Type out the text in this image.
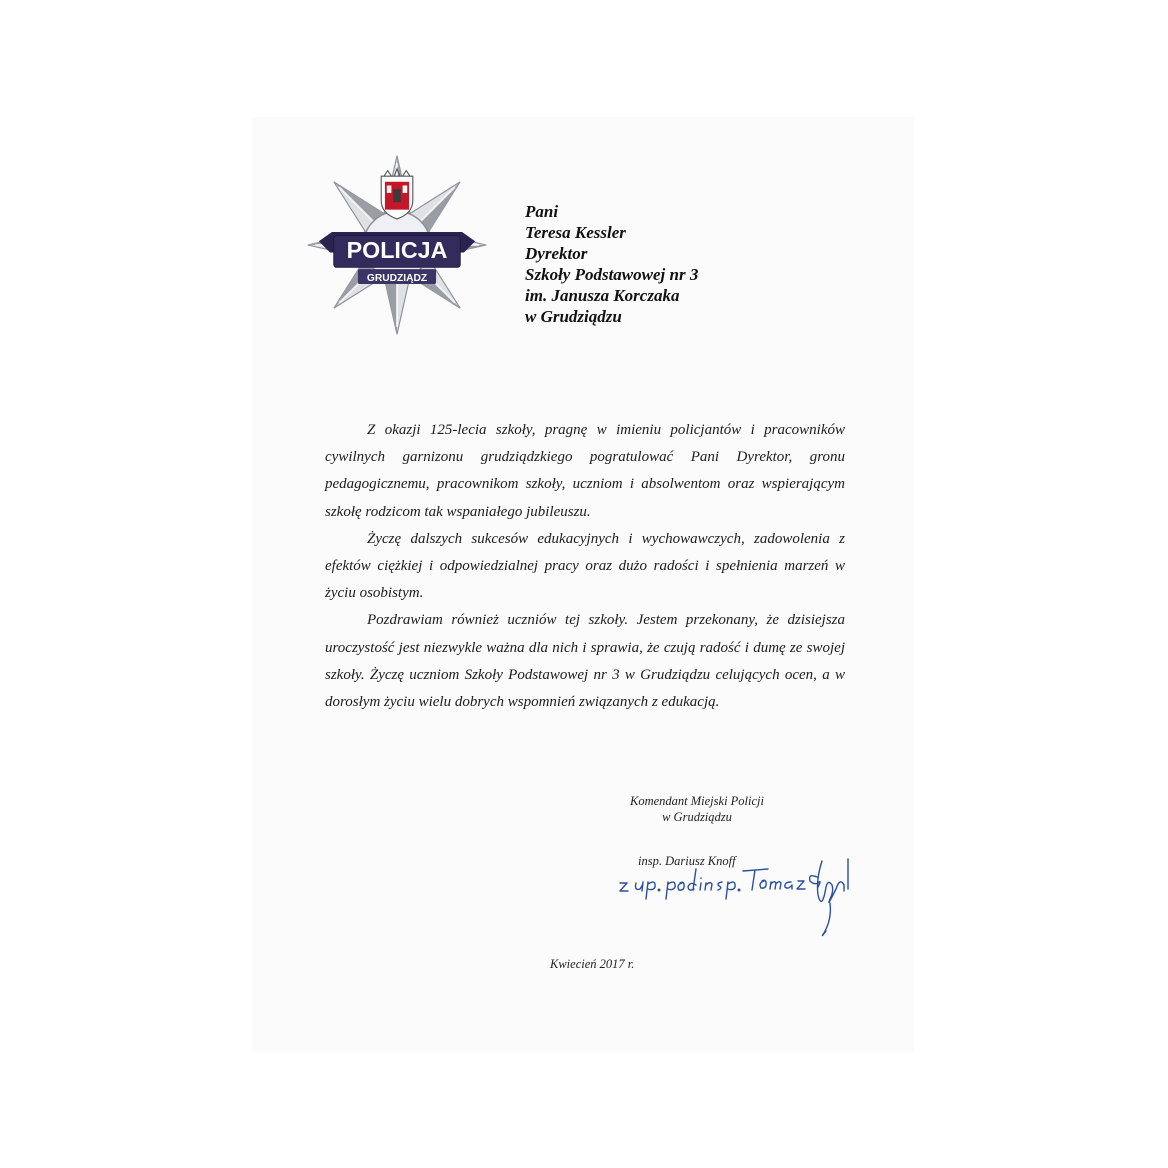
POLICJA
GRUDZIĄDZ
Pani
Teresa Kessler
Dyrektor
Szkoły Podstawowej nr 3
im. Janusza Korczaka
w Grudziądzu

Z okazji 125-lecia szkoły, pragnę w imieniu policjantów i pracowników cywilnych garnizonu grudziądzkiego pogratulować Pani Dyrektor, gronu pedagogicznemu, pracownikom szkoły, uczniom i absolwentom oraz wspierającym szkołę rodzicom tak wspaniałego jubileuszu.

Życzę dalszych sukcesów edukacyjnych i wychowawczych, zadowolenia z efektów ciężkiej i odpowiedzialnej pracy oraz dużo radości i spełnienia marzeń w życiu osobistym.

Pozdrawiam również uczniów tej szkoły. Jestem przekonany, że dzisiejsza uroczystość jest niezwykle ważna dla nich i sprawia, że czują radość i dumę ze swojej szkoły. Życzę uczniom Szkoły Podstawowej nr 3 w Grudziądzu celujących ocen, a w dorosłym życiu wielu dobrych wspomnień związanych z edukacją.

Komendant Miejski Policji
w Grudziądzu
insp. Dariusz Knoff
Kwiecień 2017 r.
